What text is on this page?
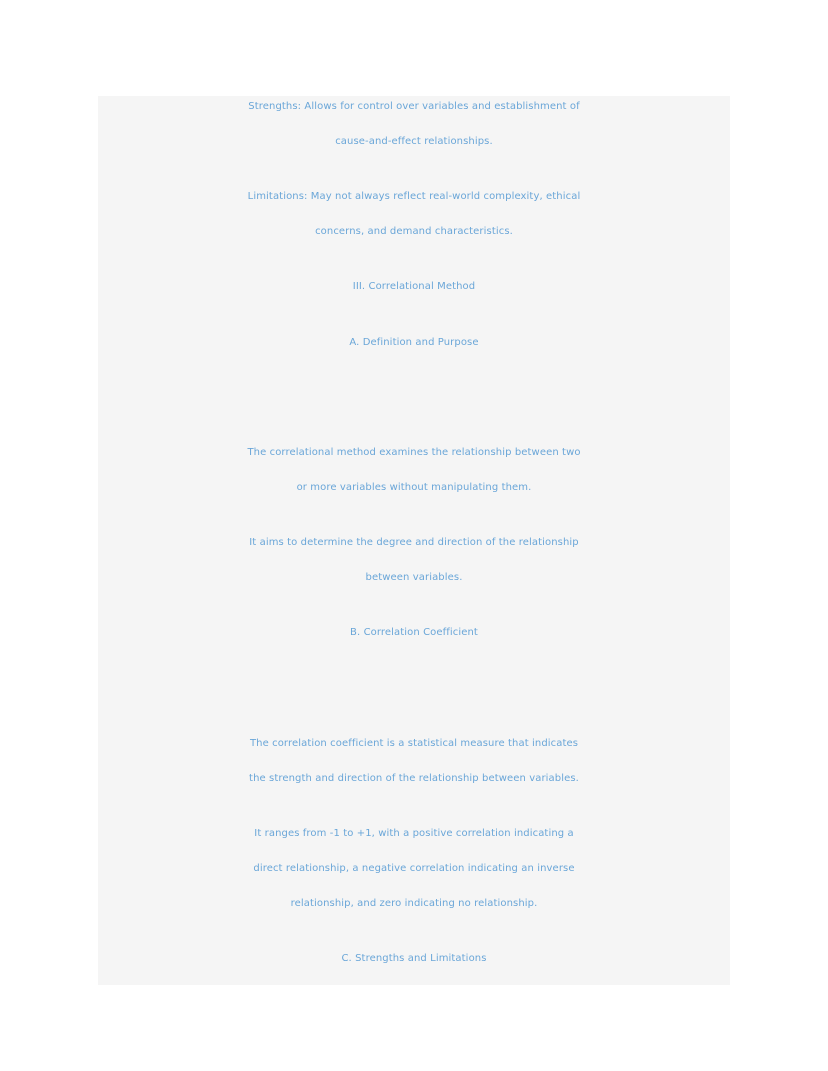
Strengths: Allows for control over variables and establishment of
cause-and-effect relationships.
Limitations: May not always reflect real-world complexity, ethical
concerns, and demand characteristics.
III. Correlational Method
A. Definition and Purpose
The correlational method examines the relationship between two
or more variables without manipulating them.
It aims to determine the degree and direction of the relationship
between variables.
B. Correlation Coefficient
The correlation coefficient is a statistical measure that indicates
the strength and direction of the relationship between variables.
It ranges from -1 to +1, with a positive correlation indicating a
direct relationship, a negative correlation indicating an inverse
relationship, and zero indicating no relationship.
C. Strengths and Limitations
